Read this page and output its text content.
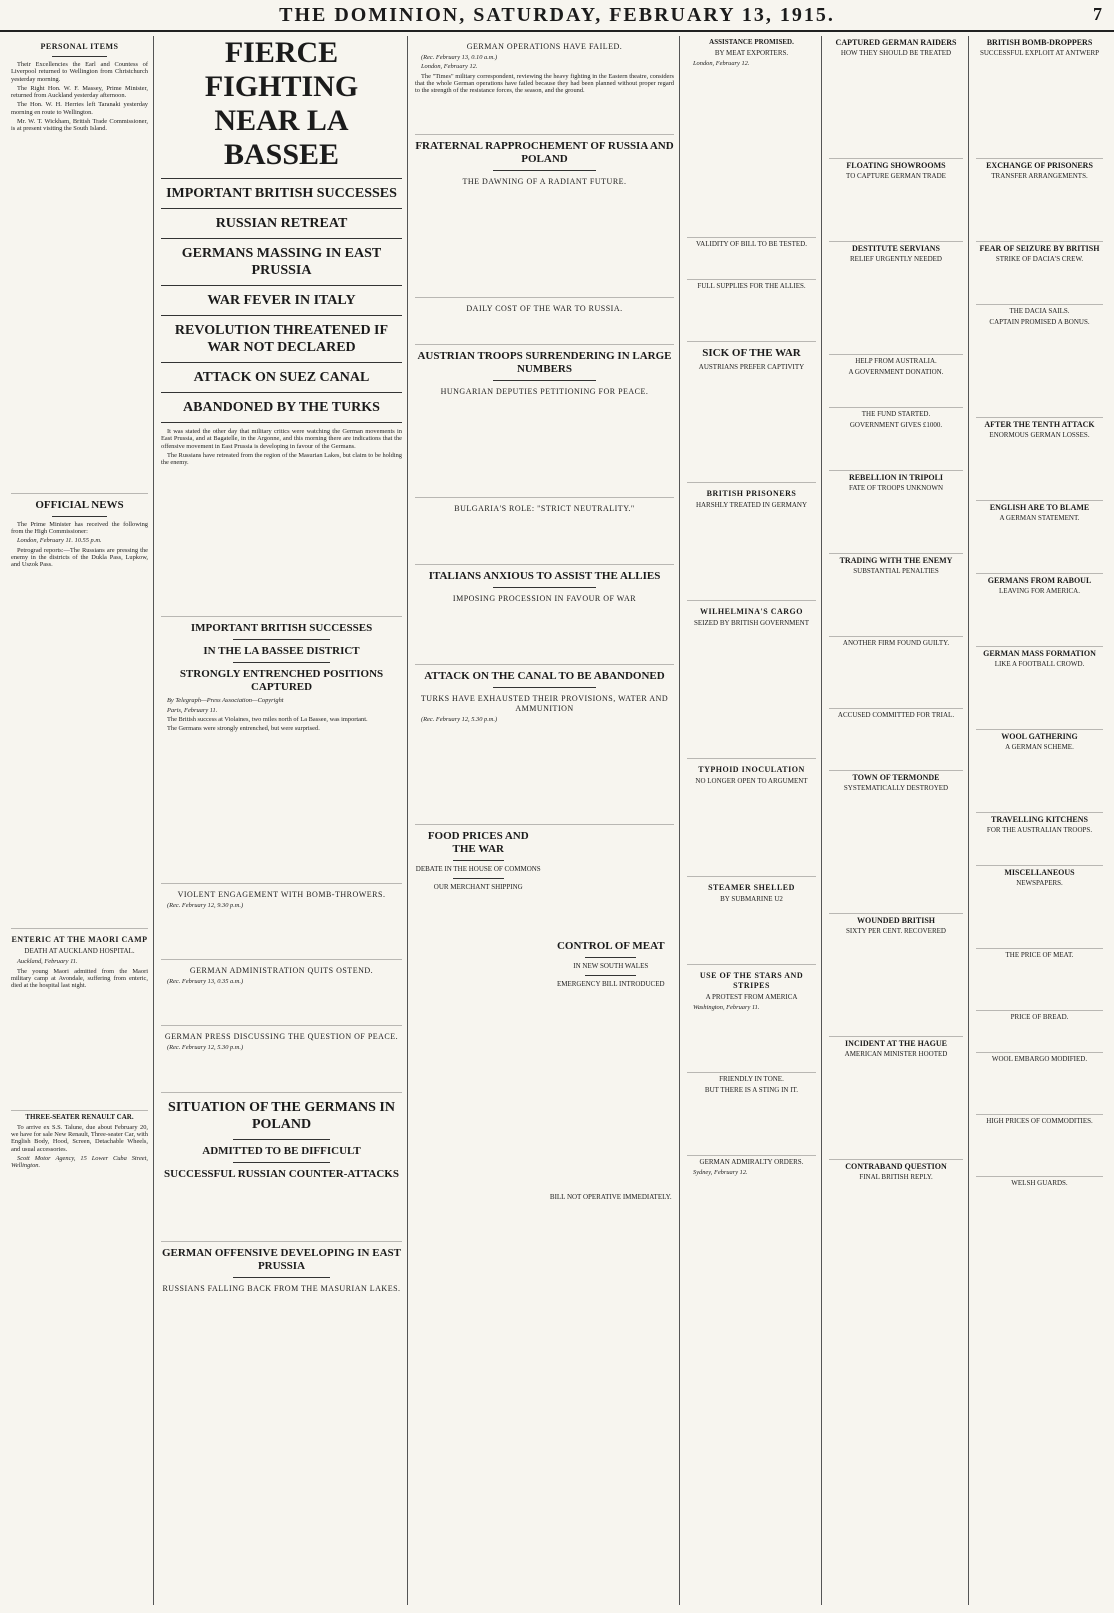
THE DOMINION, SATURDAY, FEBRUARY 13, 1915.	7
PERSONAL ITEMS

Their Excellencies the Earl and Countess of Liverpool returned to Wellington from Christchurch yesterday morning.

The Right Hon. W. F. Massey, Prime Minister, returned from Auckland yesterday afternoon.

The Hon. W. H. Herries left Taranaki yesterday morning en route to Wellington.

Mr. W. T. Wickham, British Trade Commissioner, is at present visiting the South Island.

OFFICIAL NEWS

The Prime Minister has received the following from the High Commissioner:

London, February 11. 10.55 p.m.

Petrograd reports:—The Russians are pressing the enemy in the districts of the Dukla Pass, Lupkow, and Uszok Pass.

ENTERIC AT THE MAORI CAMP
DEATH AT AUCKLAND HOSPITAL.

Auckland, February 11.

The young Maori admitted from the Maori military camp at Avondale, suffering from enteric, died at the hospital last night.

THREE-SEATER RENAULT CAR.

To arrive ex S.S. Talune, due about February 20, we have for sale New Renault, Three-seater Car, with English Body, Hood, Screen, Detachable Wheels, and usual accessories.

Scott Motor Agency, 15 Lower Cuba Street, Wellington.

FIERCE FIGHTING NEAR LA BASSEE
IMPORTANT BRITISH SUCCESSES
RUSSIAN RETREAT
GERMANS MASSING IN EAST PRUSSIA
WAR FEVER IN ITALY
REVOLUTION THREATENED IF WAR NOT DECLARED
ATTACK ON SUEZ CANAL
ABANDONED BY THE TURKS

It was stated the other day that military critics were watching the German movements in East Prussia, and at Bagatelle, in the Argonne, and this morning there are indications that the offensive movement in East Prussia is developing in favour of the Germans.

The Russians have retreated from the region of the Masurian Lakes, but claim to be holding the enemy.

IMPORTANT BRITISH SUCCESSES
IN THE LA BASSEE DISTRICT
STRONGLY ENTRENCHED POSITIONS CAPTURED

By Telegraph—Press Association—Copyright

Paris, February 11.

The British success at Violaines, two miles north of La Bassee, was important.

The Germans were strongly entrenched, but were surprised.

VIOLENT ENGAGEMENT WITH BOMB-THROWERS.

(Rec. February 12, 9.30 p.m.)

GERMAN ADMINISTRATION QUITS OSTEND.

(Rec. February 13, 0.35 a.m.)

GERMAN PRESS DISCUSSING THE QUESTION OF PEACE.

(Rec. February 12, 5.30 p.m.)

SITUATION OF THE GERMANS IN POLAND
ADMITTED TO BE DIFFICULT
SUCCESSFUL RUSSIAN COUNTER-ATTACKS
GERMAN OFFENSIVE DEVELOPING IN EAST PRUSSIA
RUSSIANS FALLING BACK FROM THE MASURIAN LAKES.
GERMAN OPERATIONS HAVE FAILED.

(Rec. February 13, 0.10 a.m.)

London, February 12.

The "Times" military correspondent, reviewing the heavy fighting in the Eastern theatre, considers that the whole German operations have failed because they had been planned without proper regard to the strength of the resistance forces, the season, and the ground.

FRATERNAL RAPPROCHEMENT OF RUSSIA AND POLAND
THE DAWNING OF A RADIANT FUTURE.
DAILY COST OF THE WAR TO RUSSIA.
AUSTRIAN TROOPS SURRENDERING IN LARGE NUMBERS
HUNGARIAN DEPUTIES PETITIONING FOR PEACE.
BULGARIA'S ROLE: "STRICT NEUTRALITY."
ITALIANS ANXIOUS TO ASSIST THE ALLIES
IMPOSING PROCESSION IN FAVOUR OF WAR
ATTACK ON THE CANAL TO BE ABANDONED
TURKS HAVE EXHAUSTED THEIR PROVISIONS, WATER AND AMMUNITION

(Rec. February 12, 5.30 p.m.)

FOOD PRICES AND THE WAR
DEBATE IN THE HOUSE OF COMMONS
OUR MERCHANT SHIPPING
CONTROL OF MEAT
IN NEW SOUTH WALES
EMERGENCY BILL INTRODUCED
BILL NOT OPERATIVE IMMEDIATELY.
ASSISTANCE PROMISED.
BY MEAT EXPORTERS.

London, February 12.

VALIDITY OF BILL TO BE TESTED.
FULL SUPPLIES FOR THE ALLIES.
SICK OF THE WAR
AUSTRIANS PREFER CAPTIVITY
BRITISH PRISONERS
HARSHLY TREATED IN GERMANY
WILHELMINA'S CARGO
SEIZED BY BRITISH GOVERNMENT
TYPHOID INOCULATION
NO LONGER OPEN TO ARGUMENT
STEAMER SHELLED
BY SUBMARINE U2
USE OF THE STARS AND STRIPES
A PROTEST FROM AMERICA

Washington, February 11.

FRIENDLY IN TONE.
BUT THERE IS A STING IN IT.
GERMAN ADMIRALTY ORDERS.

Sydney, February 12.

CAPTURED GERMAN RAIDERS
HOW THEY SHOULD BE TREATED
FLOATING SHOWROOMS
TO CAPTURE GERMAN TRADE
DESTITUTE SERVIANS
RELIEF URGENTLY NEEDED
HELP FROM AUSTRALIA.
A GOVERNMENT DONATION.
THE FUND STARTED.
GOVERNMENT GIVES £1000.
REBELLION IN TRIPOLI
FATE OF TROOPS UNKNOWN
TRADING WITH THE ENEMY
SUBSTANTIAL PENALTIES
ANOTHER FIRM FOUND GUILTY.
ACCUSED COMMITTED FOR TRIAL.
TOWN OF TERMONDE
SYSTEMATICALLY DESTROYED
WOUNDED BRITISH
SIXTY PER CENT. RECOVERED
INCIDENT AT THE HAGUE
AMERICAN MINISTER HOOTED
CONTRABAND QUESTION
FINAL BRITISH REPLY.
BRITISH BOMB-DROPPERS
SUCCESSFUL EXPLOIT AT ANTWERP
EXCHANGE OF PRISONERS
TRANSFER ARRANGEMENTS.
FEAR OF SEIZURE BY BRITISH
STRIKE OF DACIA'S CREW.
THE DACIA SAILS.
CAPTAIN PROMISED A BONUS.
AFTER THE TENTH ATTACK
ENORMOUS GERMAN LOSSES.
ENGLISH ARE TO BLAME
A GERMAN STATEMENT.
GERMANS FROM RABOUL
LEAVING FOR AMERICA.
GERMAN MASS FORMATION
LIKE A FOOTBALL CROWD.
WOOL GATHERING
A GERMAN SCHEME.
TRAVELLING KITCHENS
FOR THE AUSTRALIAN TROOPS.
MISCELLANEOUS
NEWSPAPERS.
THE PRICE OF MEAT.
PRICE OF BREAD.
WOOL EMBARGO MODIFIED.
HIGH PRICES OF COMMODITIES.
WELSH GUARDS.
